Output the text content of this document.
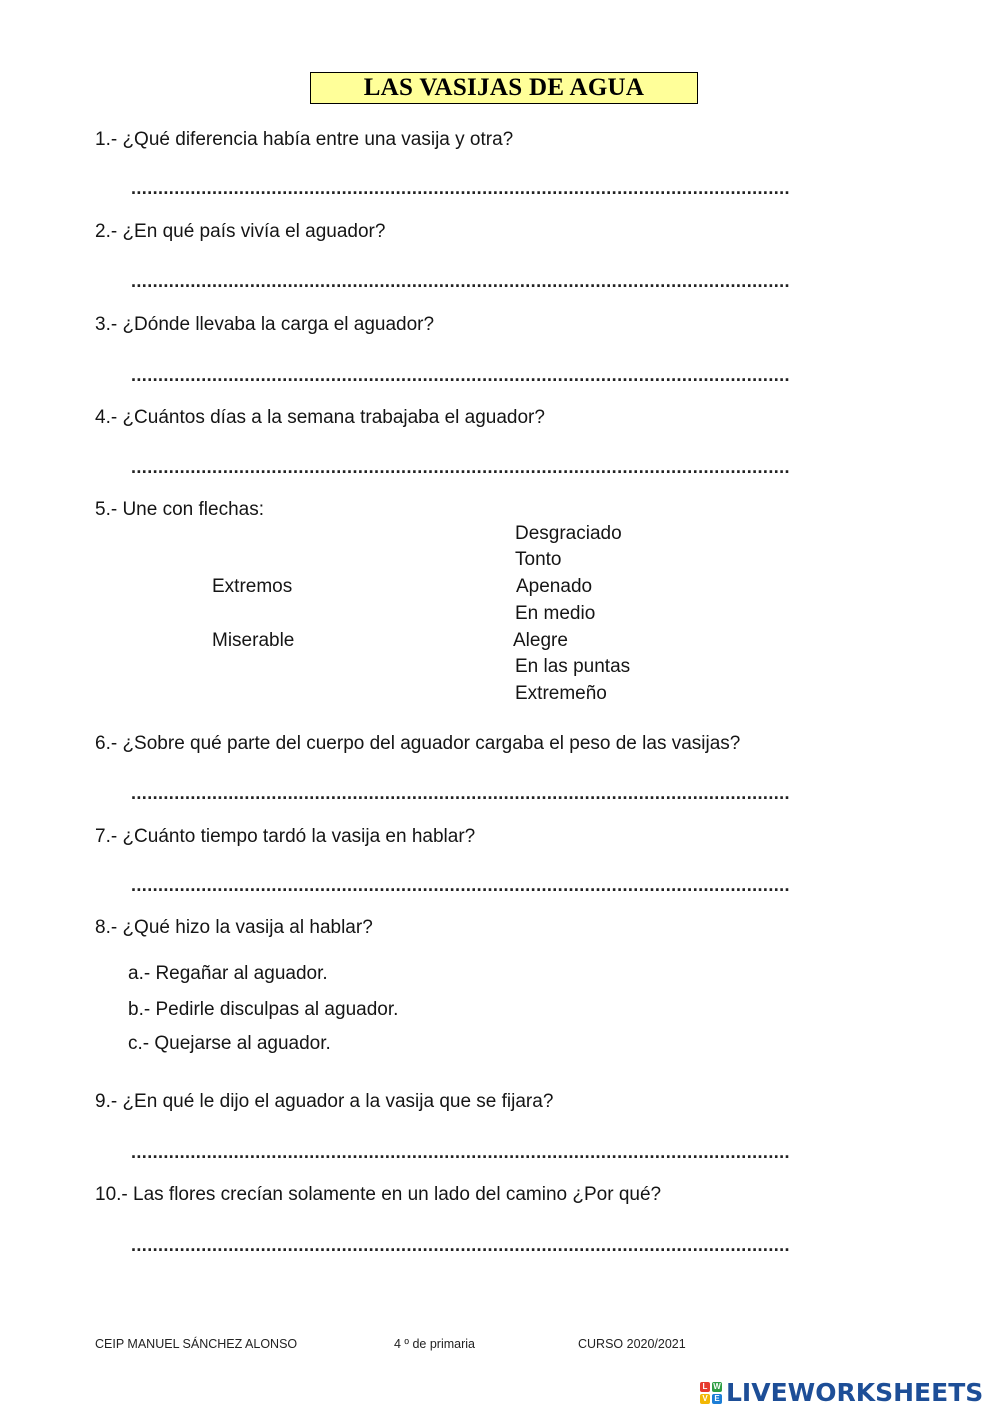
LAS VASIJAS DE AGUA
1.- ¿Qué diferencia había entre una vasija y otra?
..........................................................................................................................
2.- ¿En qué país vivía el aguador?
..........................................................................................................................
3.- ¿Dónde llevaba la carga el aguador?
..........................................................................................................................
4.- ¿Cuántos días a la semana trabajaba el aguador?
..........................................................................................................................
5.- Une con flechas:
Desgraciado
Tonto
Extremos	Apenado
En medio
Miserable	Alegre
En las puntas
Extremeño
6.- ¿Sobre qué parte del cuerpo del aguador cargaba el peso de las vasijas?
..........................................................................................................................
7.- ¿Cuánto tiempo tardó la vasija en hablar?
..........................................................................................................................
8.- ¿Qué hizo la vasija al hablar?
a.- Regañar al aguador.
b.- Pedirle disculpas al aguador.
c.- Quejarse al aguador.
9.- ¿En qué le dijo el aguador a la vasija que se fijara?
..........................................................................................................................
10.- Las flores crecían solamente en un lado del camino ¿Por qué?
..........................................................................................................................
CEIP MANUEL SÁNCHEZ ALONSO	4 º de primaria	CURSO 2020/2021
L W
V E LIVEWORKSHEETS
